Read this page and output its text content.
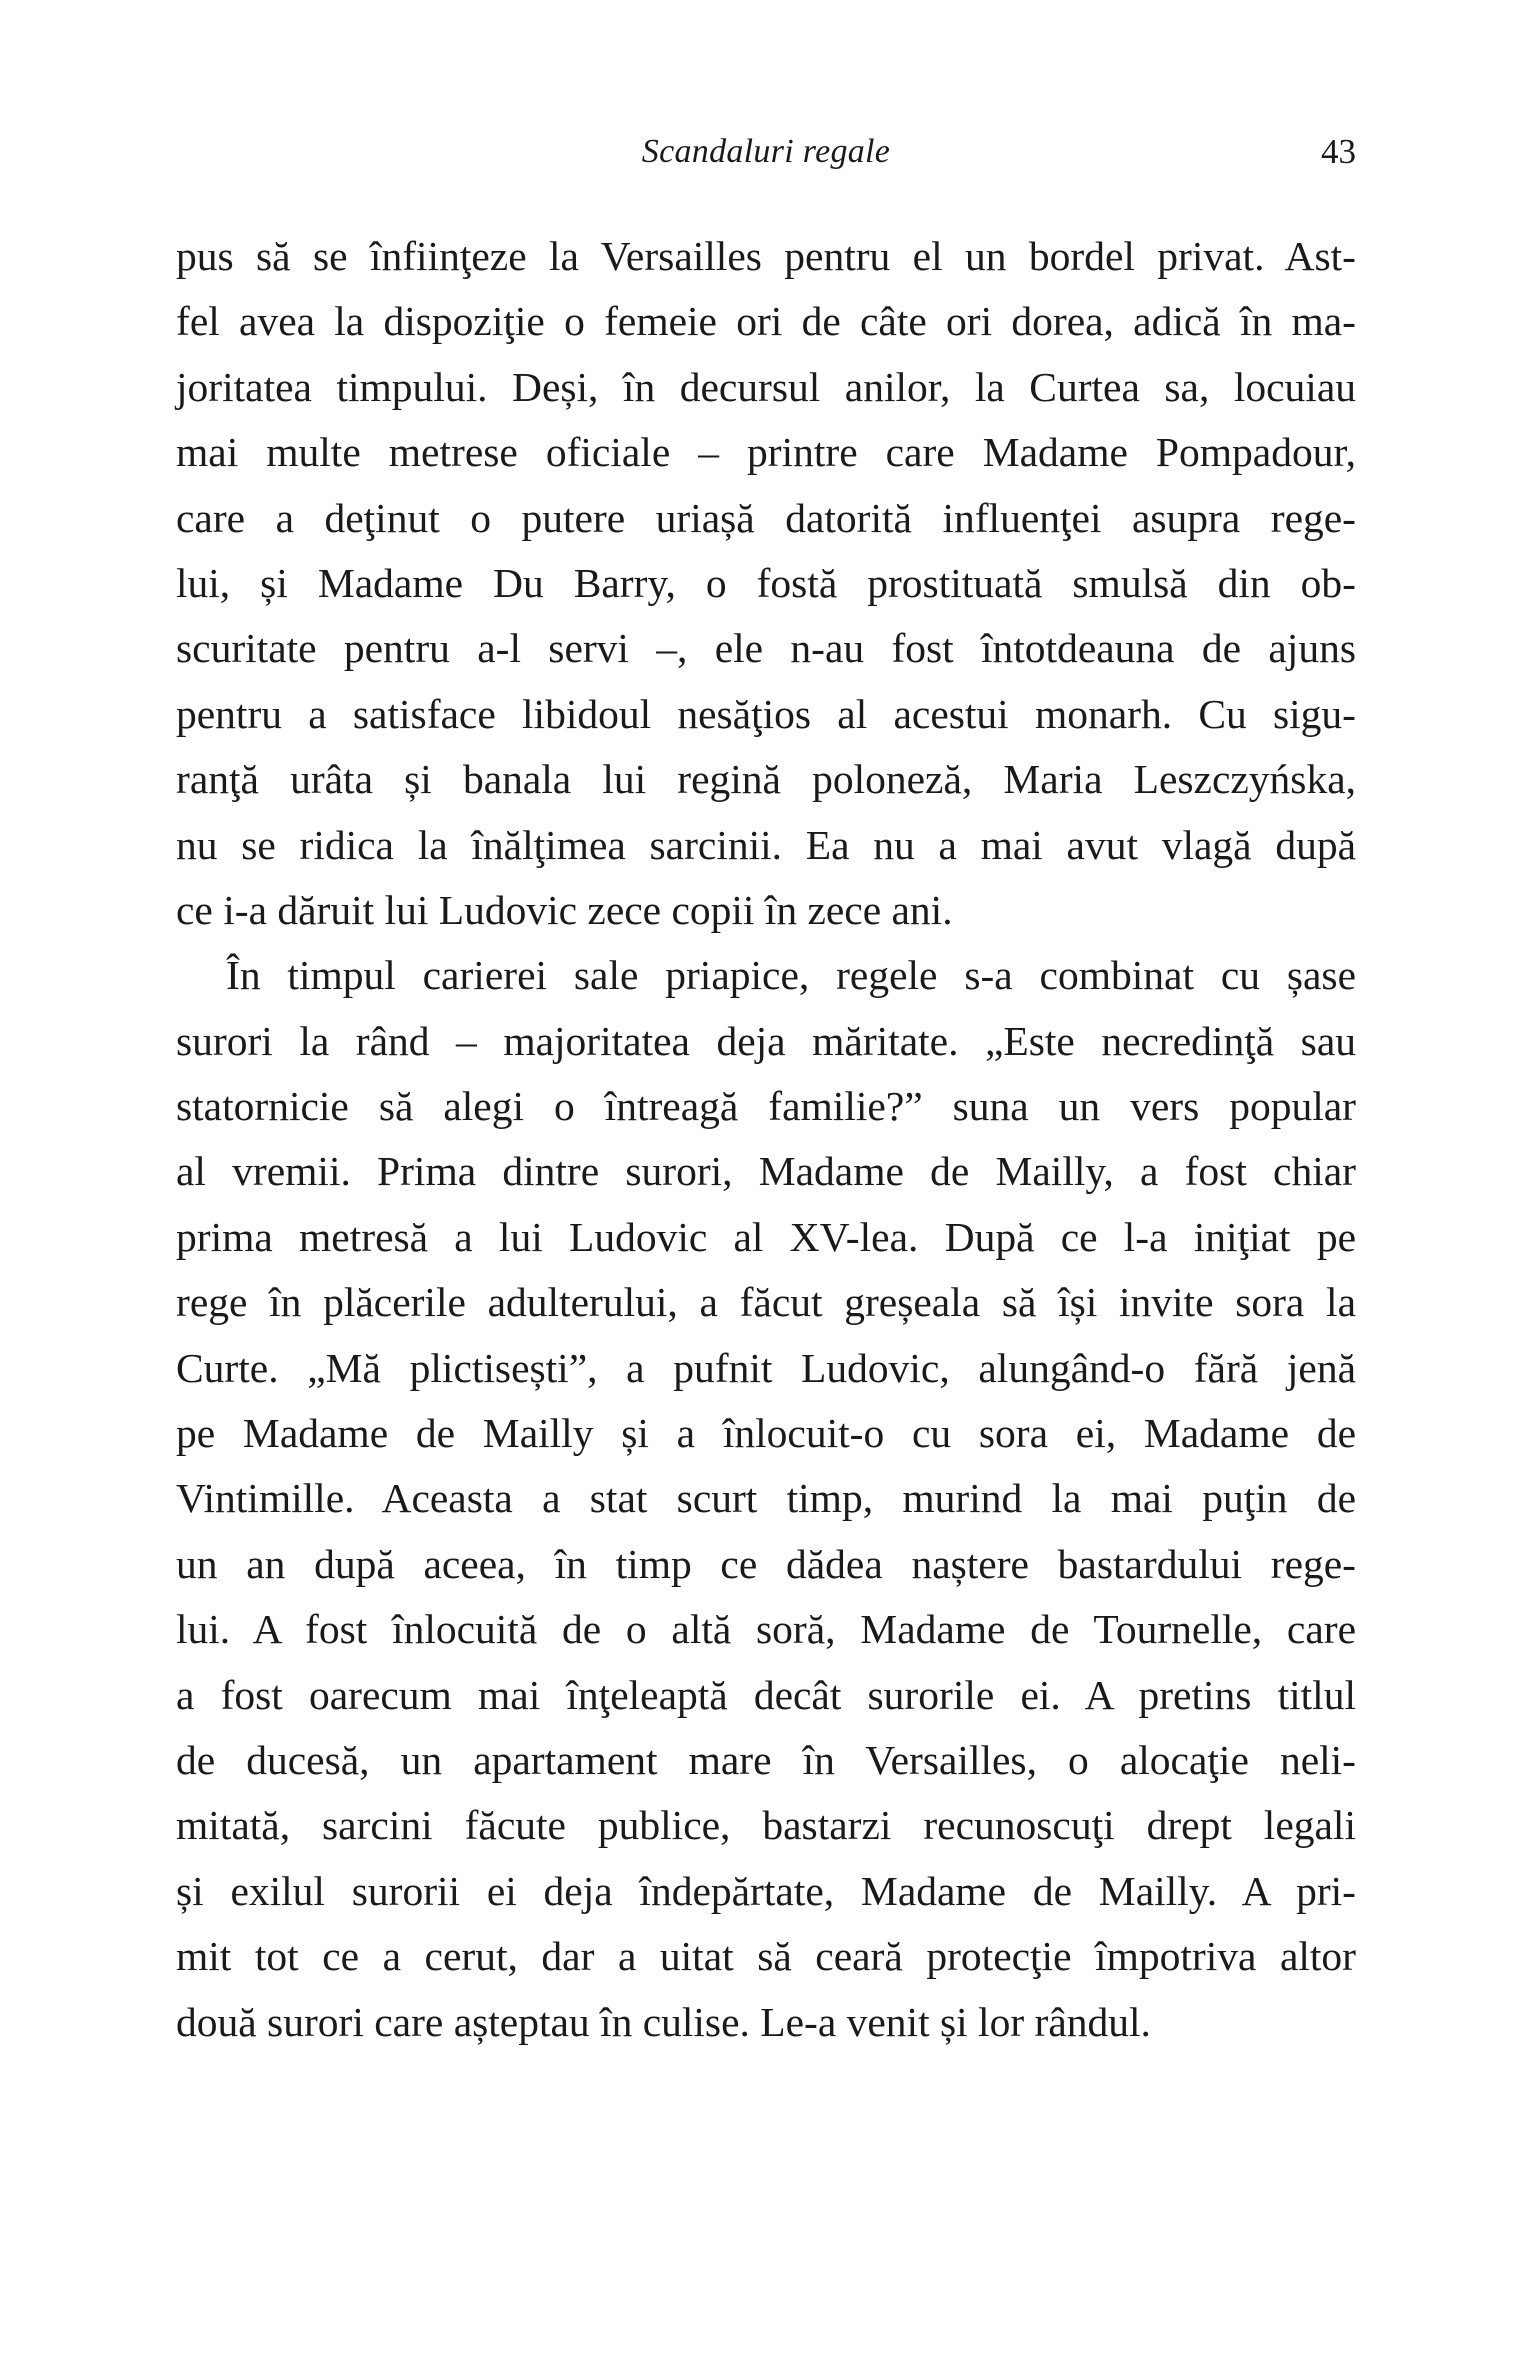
Scandaluri regale	43
pus să se înfiinţeze la Versailles pentru el un bordel privat. Ast-
fel avea la dispoziţie o femeie ori de câte ori dorea, adică în ma-
joritatea timpului. Deși, în decursul anilor, la Curtea sa, locuiau
mai multe metrese oficiale – printre care Madame Pompadour,
care a deţinut o putere uriașă datorită influenţei asupra rege-
lui, și Madame Du Barry, o fostă prostituată smulsă din ob-
scuritate pentru a-l servi –, ele n-au fost întotdeauna de ajuns
pentru a satisface libidoul nesăţios al acestui monarh. Cu sigu-
ranţă urâta și banala lui regină poloneză, Maria Leszczyńska,
nu se ridica la înălţimea sarcinii. Ea nu a mai avut vlagă după
ce i-a dăruit lui Ludovic zece copii în zece ani.
În timpul carierei sale priapice, regele s-a combinat cu șase
surori la rând – majoritatea deja măritate. „Este necredinţă sau
statornicie să alegi o întreagă familie?” suna un vers popular
al vremii. Prima dintre surori, Madame de Mailly, a fost chiar
prima metresă a lui Ludovic al XV-lea. După ce l-a iniţiat pe
rege în plăcerile adulterului, a făcut greșeala să își invite sora la
Curte. „Mă plictisești”, a pufnit Ludovic, alungând-o fără jenă
pe Madame de Mailly și a înlocuit-o cu sora ei, Madame de
Vintimille. Aceasta a stat scurt timp, murind la mai puţin de
un an după aceea, în timp ce dădea naștere bastardului rege-
lui. A fost înlocuită de o altă soră, Madame de Tournelle, care
a fost oarecum mai înţeleaptă decât surorile ei. A pretins titlul
de ducesă, un apartament mare în Versailles, o alocaţie neli-
mitată, sarcini făcute publice, bastarzi recunoscuţi drept legali
și exilul surorii ei deja îndepărtate, Madame de Mailly. A pri-
mit tot ce a cerut, dar a uitat să ceară protecţie împotriva altor
două surori care așteptau în culise. Le-a venit și lor rândul.
